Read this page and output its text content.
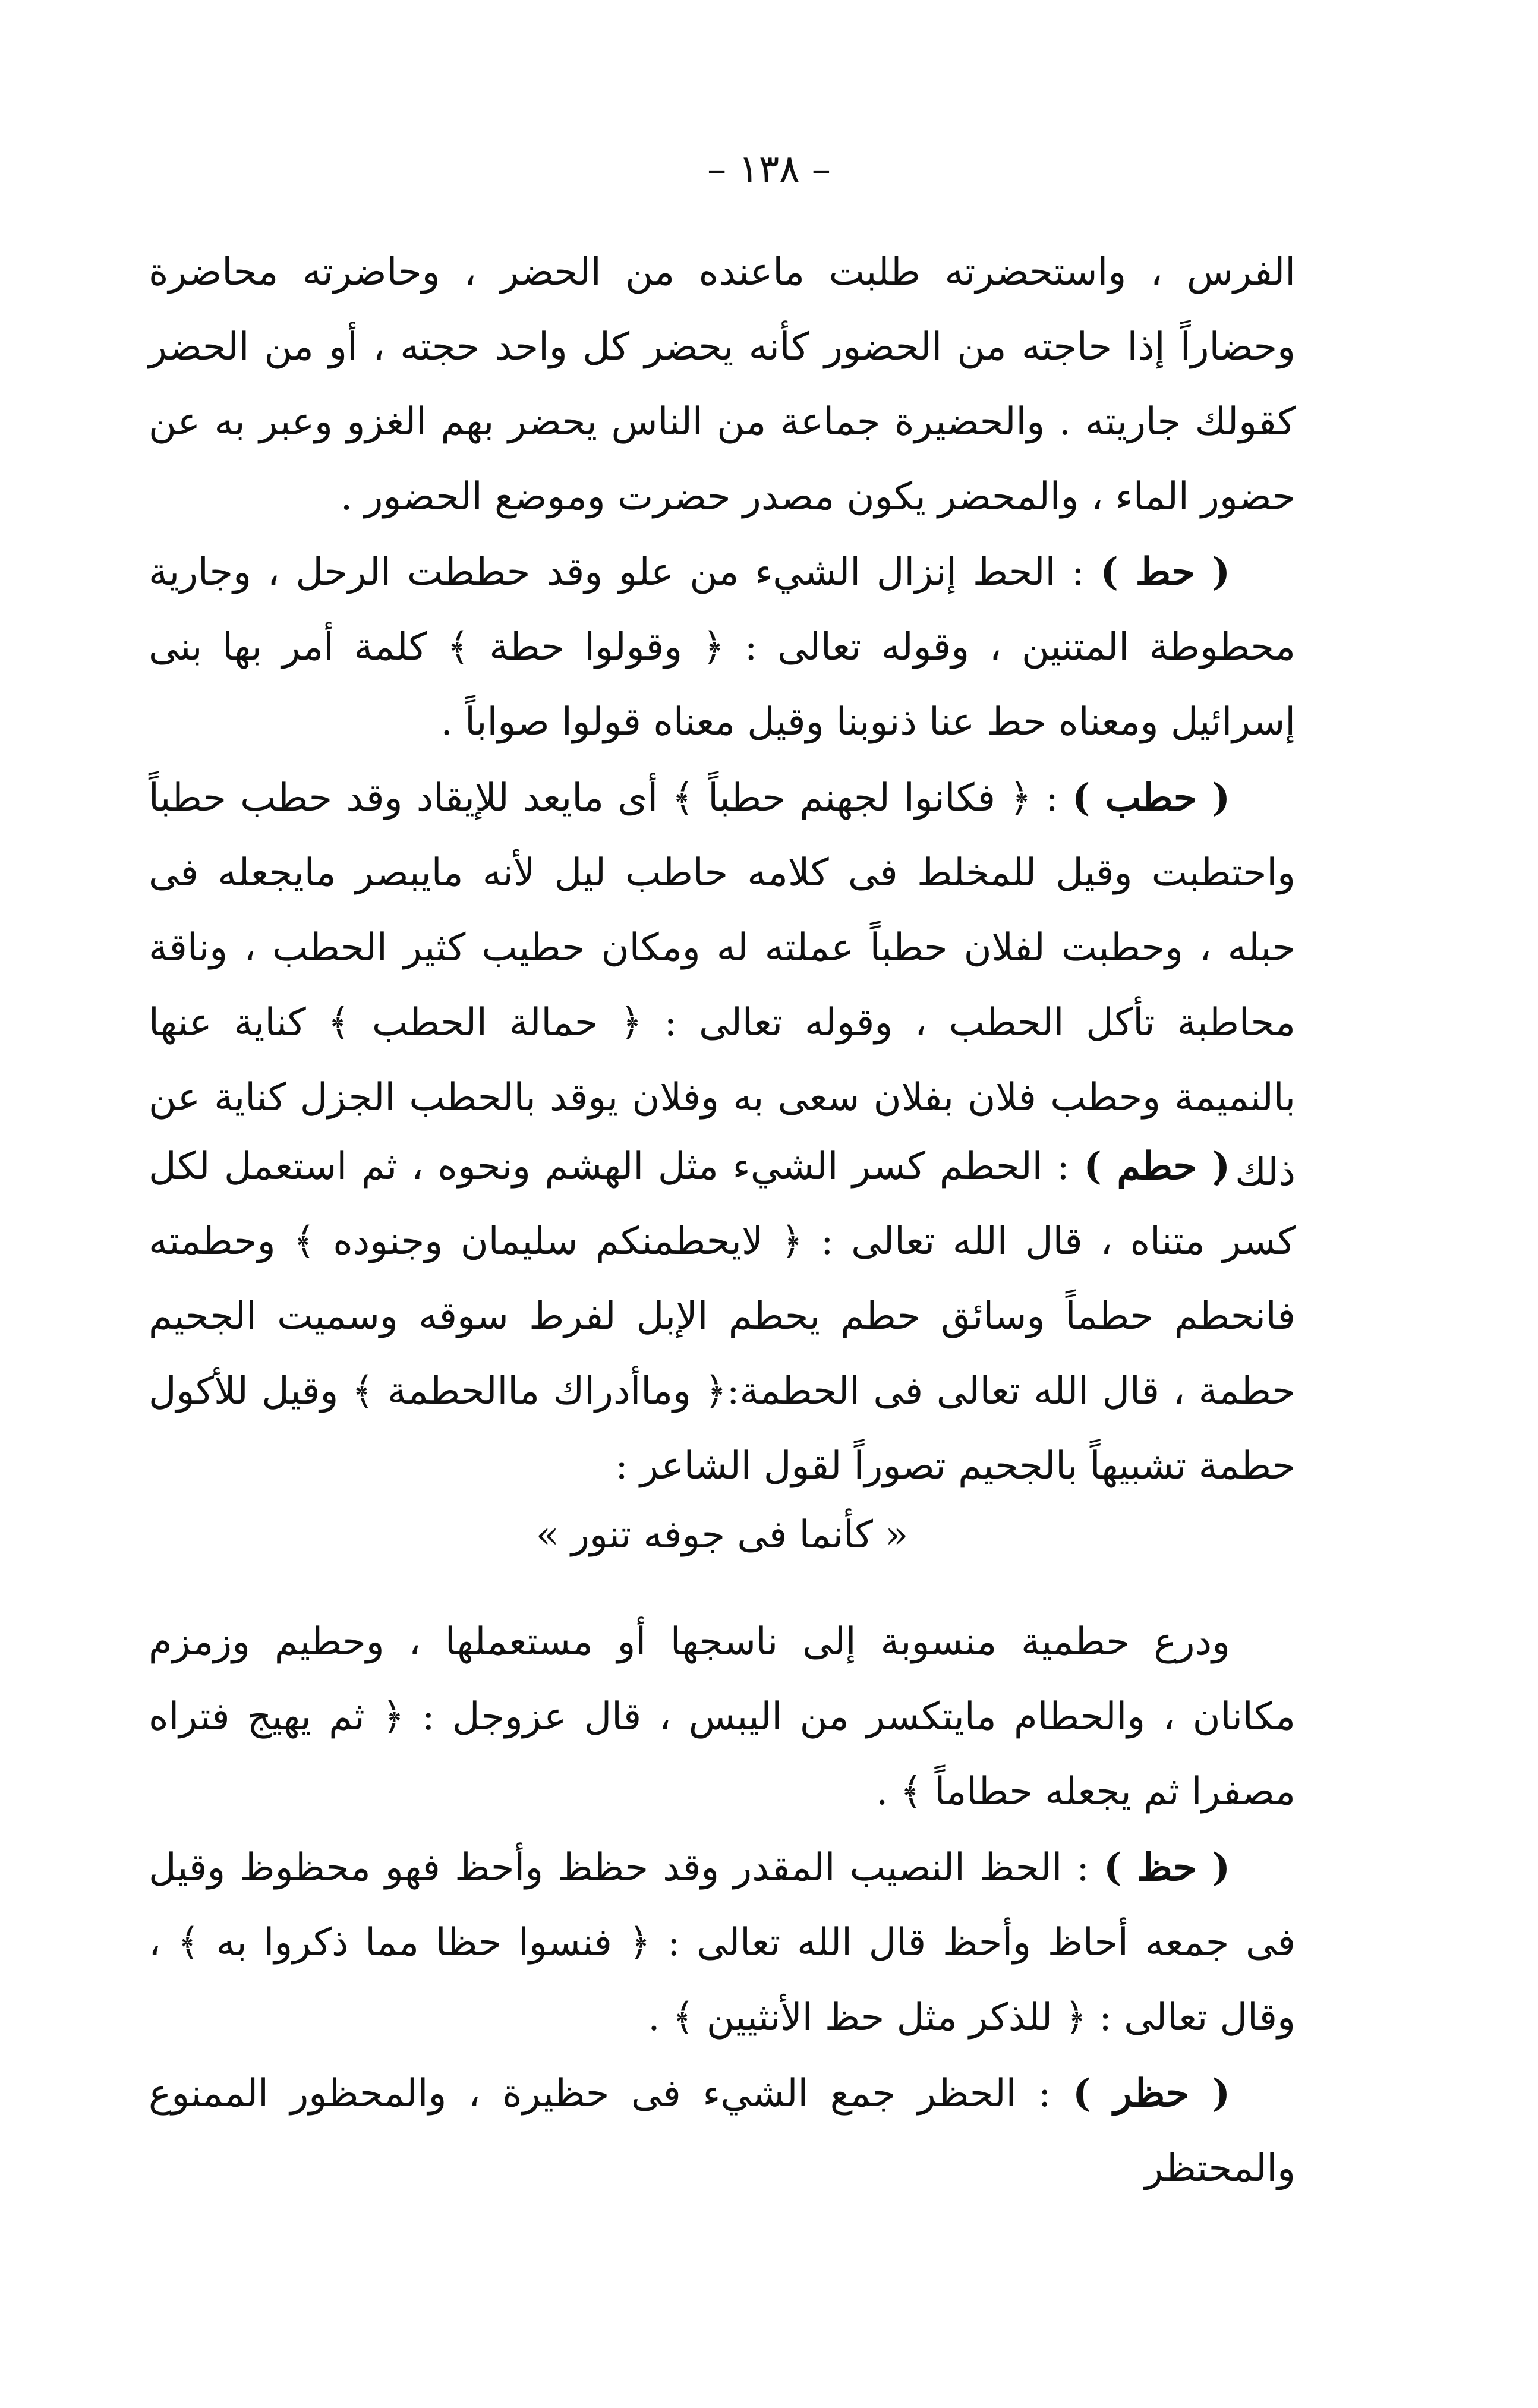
– ١٣٨ –

الفرس ، واستحضرته طلبت ماعنده من الحضر ، وحاضرته محاضرة وحضاراً إذا حاجته من الحضور كأنه يحضر كل واحد حجته ، أو من الحضر كقولك جاريته . والحضيرة جماعة من الناس يحضر بهم الغزو وعبر به عن حضور الماء ، والمحضر يكون مصدر حضرت وموضع الحضور .

( حط ) : الحط إنزال الشيء من علو وقد حططت الرحل ، وجارية محطوطة المتنين ، وقوله تعالى : ﴿ وقولوا حطة ﴾ كلمة أمر بها بنى إسرائيل ومعناه حط عنا ذنوبنا وقيل معناه قولوا صواباً .

( حطب ) : ﴿ فكانوا لجهنم حطباً ﴾ أى مايعد للإيقاد وقد حطب حطباً واحتطبت وقيل للمخلط فى كلامه حاطب ليل لأنه مايبصر مايجعله فى حبله ، وحطبت لفلان حطباً عملته له ومكان حطيب كثير الحطب ، وناقة محاطبة تأكل الحطب ، وقوله تعالى : ﴿ حمالة الحطب ﴾ كناية عنها بالنميمة وحطب فلان بفلان سعى به وفلان يوقد بالحطب الجزل كناية عن ذلك .

( حطم ) : الحطم كسر الشيء مثل الهشم ونحوه ، ثم استعمل لكل كسر متناه ، قال الله تعالى : ﴿ لايحطمنكم سليمان وجنوده ﴾ وحطمته فانحطم حطماً وسائق حطم يحطم الإبل لفرط سوقه وسميت الجحيم حطمة ، قال الله تعالى فى الحطمة:﴿ وماأدراك ماالحطمة ﴾ وقيل للأكول حطمة تشبيهاً بالجحيم تصوراً لقول الشاعر :

« كأنما فى جوفه تنور »

ودرع حطمية منسوبة إلى ناسجها أو مستعملها ، وحطيم وزمزم مكانان ، والحطام مايتكسر من اليبس ، قال عزوجل : ﴿ ثم يهيج فتراه مصفرا ثم يجعله حطاماً ﴾ .

( حظ ) : الحظ النصيب المقدر وقد حظظ وأحظ فهو محظوظ وقيل فى جمعه أحاظ وأحظ قال الله تعالى : ﴿ فنسوا حظا مما ذكروا به ﴾ ، وقال تعالى : ﴿ للذكر مثل حظ الأنثيين ﴾ .

( حظر ) : الحظر جمع الشيء فى حظيرة ، والمحظور الممنوع والمحتظر
